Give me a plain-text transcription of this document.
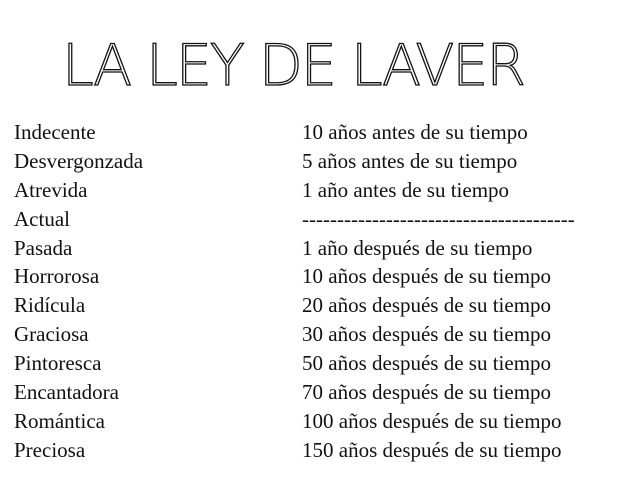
LA LEY DE LAVER
Indecente	10 años antes de su tiempo
Desvergonzada	5 años antes de su tiempo
Atrevida	1 año antes de su tiempo
Actual	---------------------------------------
Pasada	1 año después de su tiempo
Horrorosa	10 años después de su tiempo
Ridícula	20 años después de su tiempo
Graciosa	30 años después de su tiempo
Pintoresca	50 años después de su tiempo
Encantadora	70 años después de su tiempo
Romántica	100 años después de su tiempo
Preciosa	150 años después de su tiempo
